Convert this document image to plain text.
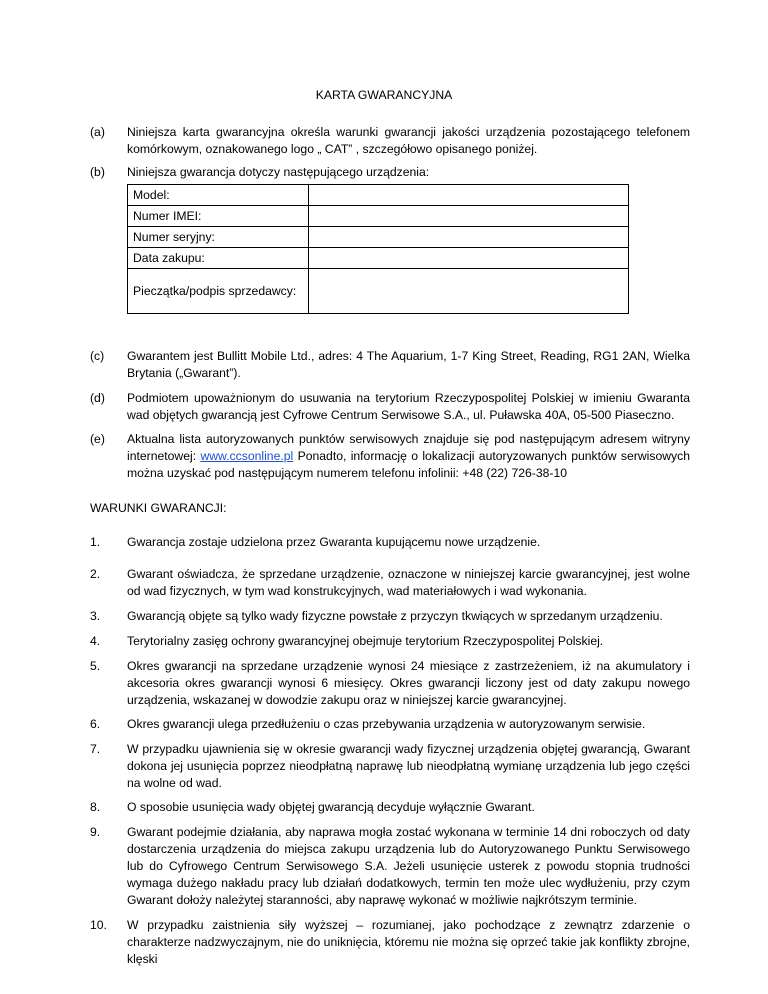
KARTA GWARANCYJNA
(a) Niniejsza karta gwarancyjna określa warunki gwarancji jakości urządzenia pozostającego telefonem komórkowym, oznakowanego logo „ CAT” , szczegółowo opisanego poniżej.
(b) Niniejsza gwarancja dotyczy następującego urządzenia:
Model:	
Numer IMEI:	
Numer seryjny:	
Data zakupu:	
Pieczątka/podpis sprzedawcy:	
(c) Gwarantem jest Bullitt Mobile Ltd., adres: 4 The Aquarium, 1-7 King Street, Reading, RG1 2AN, Wielka Brytania („Gwarant”).
(d) Podmiotem upoważnionym do usuwania na terytorium Rzeczypospolitej Polskiej w imieniu Gwaranta wad objętych gwarancją jest Cyfrowe Centrum Serwisowe S.A., ul. Puławska 40A, 05-500 Piaseczno.
(e) Aktualna lista autoryzowanych punktów serwisowych znajduje się pod następującym adresem witryny internetowej: www.ccsonline.pl Ponadto, informację o lokalizacji autoryzowanych punktów serwisowych można uzyskać pod następującym numerem telefonu infolinii: +48 (22) 726-38-10
WARUNKI GWARANCJI:
1. Gwarancja zostaje udzielona przez Gwaranta kupującemu nowe urządzenie.
2. Gwarant oświadcza, że sprzedane urządzenie, oznaczone w niniejszej karcie gwarancyjnej, jest wolne od wad fizycznych, w tym wad konstrukcyjnych, wad materiałowych i wad wykonania.
3. Gwarancją objęte są tylko wady fizyczne powstałe z przyczyn tkwiących w sprzedanym urządzeniu.
4. Terytorialny zasięg ochrony gwarancyjnej obejmuje terytorium Rzeczypospolitej Polskiej.
5. Okres gwarancji na sprzedane urządzenie wynosi 24 miesiące z zastrzeżeniem, iż na akumulatory i akcesoria okres gwarancji wynosi 6 miesięcy. Okres gwarancji liczony jest od daty zakupu nowego urządzenia, wskazanej w dowodzie zakupu oraz w niniejszej karcie gwarancyjnej.
6. Okres gwarancji ulega przedłużeniu o czas przebywania urządzenia w autoryzowanym serwisie.
7. W przypadku ujawnienia się w okresie gwarancji wady fizycznej urządzenia objętej gwarancją, Gwarant dokona jej usunięcia poprzez nieodpłatną naprawę lub nieodpłatną wymianę urządzenia lub jego części na wolne od wad.
8. O sposobie usunięcia wady objętej gwarancją decyduje wyłącznie Gwarant.
9. Gwarant podejmie działania, aby naprawa mogła zostać wykonana w terminie 14 dni roboczych od daty dostarczenia urządzenia do miejsca zakupu urządzenia lub do Autoryzowanego Punktu Serwisowego lub do Cyfrowego Centrum Serwisowego S.A. Jeżeli usunięcie usterek z powodu stopnia trudności wymaga dużego nakładu pracy lub działań dodatkowych, termin ten może ulec wydłużeniu, przy czym Gwarant dołoży należytej staranności, aby naprawę wykonać w możliwie najkrótszym terminie.
10. W przypadku zaistnienia siły wyższej – rozumianej, jako pochodzące z zewnątrz zdarzenie o charakterze nadzwyczajnym, nie do uniknięcia, któremu nie można się oprzeć takie jak konflikty zbrojne, klęski
